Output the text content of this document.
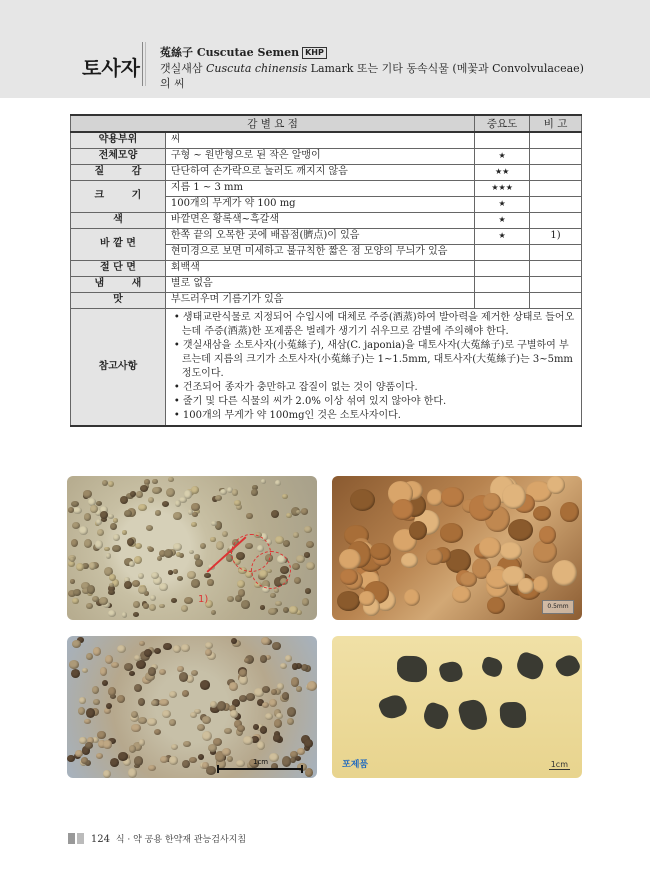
토사자
菟絲子 Cuscutae Semen KHP
갯실새삼 Cuscuta chinensis Lamark 또는 기타 동속식물 (메꽃과 Convolvulaceae)
의 씨
감 별 요 점		중요도	비 고
약용부위	씨		
전체모양	구형 ~ 원반형으로 된 작은 알맹이	★	
질 감	단단하여 손가락으로 눌러도 깨지지 않음	★★	
크 기	지름 1 ~ 3 mm	★★★	
	100개의 무게가 약 100 mg	★	
색	바깥면은 황록색~흑갈색	★	
바 깥 면	한쪽 끝의 오목한 곳에 배꼽점(臍点)이 있음	★	1)
	현미경으로 보면 미세하고 불규칙한 짧은 점 모양의 무늬가 있음		
절 단 면	회백색		
냄 새	별로 없음		
맛	부드러우며 기름기가 있음		
참고사항	• 생태교란식물로 지정되어 수입시에 대체로 주증(酒蒸)하여 발아력을 제거한 상태로 들어오는데 주증(酒蒸)한 포제품은 벌레가 생기기 쉬우므로 감별에 주의해야 한다.
• 갯실새삼을 소토사자(小菟絲子), 새삼(C. japonia)을 대토사자(大菟絲子)로 구별하여 부르는데 지름의 크기가 소토사자(小菟絲子)는 1~1.5mm, 대토사자(大菟絲子)는 3~5mm 정도이다.
• 건조되어 종자가 충만하고 잡질이 없는 것이 양품이다.
• 줄기 및 다른 식물의 씨가 2.0% 이상 섞여 있지 않아야 한다.
• 100개의 무게가 약 100mg인 것은 소토사자이다.		
1)
0.5mm
1cm	포제품	1cm
124 식 · 약 공용 한약재 관능검사지침
